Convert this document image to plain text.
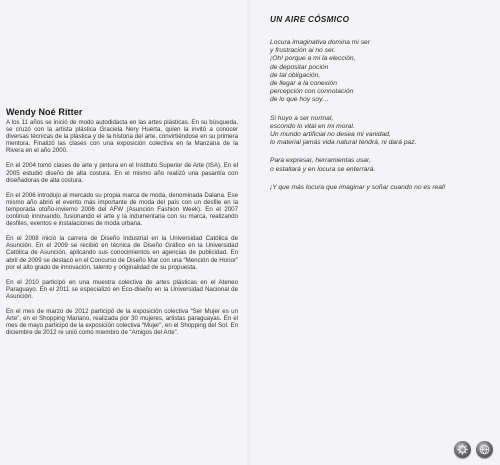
Wendy Noé Ritter

A los 11 años se inició de modo autodidacta en las artes plásticas. En su búsqueda, se cruzó con la artista plástica Graciela Nery Huerta, quien la invitó a conocer diversas técnicas de la plástica y de la historia del arte, convirtiéndose en su primera mentora. Finalizó las clases con una exposición colectiva en la Manzana de la Rivera en el año 2000.

En el 2004 tomó clases de arte y pintura en el Instituto Superior de Arte (ISA). En el 2005 estudió diseño de alta costura. En el mismo año realizó una pasantía con diseñadoras de alta costura.

En el 2006 introdujo al mercado su propia marca de moda, denominada Dalana. Ese mismo año abrió el evento más importante de moda del país con un desfile en la temporada otoño-invierno 2006 del AFW (Asunción Fashion Week). En el 2007 continuó innovando, fusionando el arte y la indumentaria con su marca, realizando desfiles, eventos e instalaciones de moda urbana.

En el 2008 inició la carrera de Diseño Industrial en la Universidad Católica de Asunción. En el 2009 se recibió en técnica de Diseño Gráfico en la Universidad Católica de Asunción, aplicando sus conocimientos en agencias de publicidad. En abril de 2009 se destacó en el Concurso de Diseño Mar con una “Mención de Honor” por el alto grado de innovación, talento y originalidad de su propuesta.

En el 2010 participó en una muestra colectiva de artes plásticas en el Ateneo Paraguayo. En el 2011 se especializó en Eco-diseño en la Universidad Nacional de Asunción.

En el mes de marzo de 2012 participó de la exposición colectiva “Ser Mujer es un Arte”, en el Shopping Mariano, realizada por 30 mujeres, artistas paraguayas. En el mes de mayo participó de la exposición colectiva “Mujer”, en el Shopping del Sol. En diciembre de 2012 re unió como miembro de “Amigos del Arte”.

UN AIRE CÓSMICO
Locura imaginativa domina mi ser
y frustración ai no ser.
¡Oh! porque a mi la elección,
de depositar poción
de tal obligación,
de llegar a la conexión
percepción con connotación
de lo que hoy soy…
Si huyo a ser normal,
escondo lo vital en mi moral.
Un mundo artificial no desea mi vanidad,
lo material jamás vida natural tendrá, ni dará paz.
Para expresar, herramientas usar,
o estallará y en locura se enterrará.
¡Y que más locura que imaginar y soñar cuando no es real!
